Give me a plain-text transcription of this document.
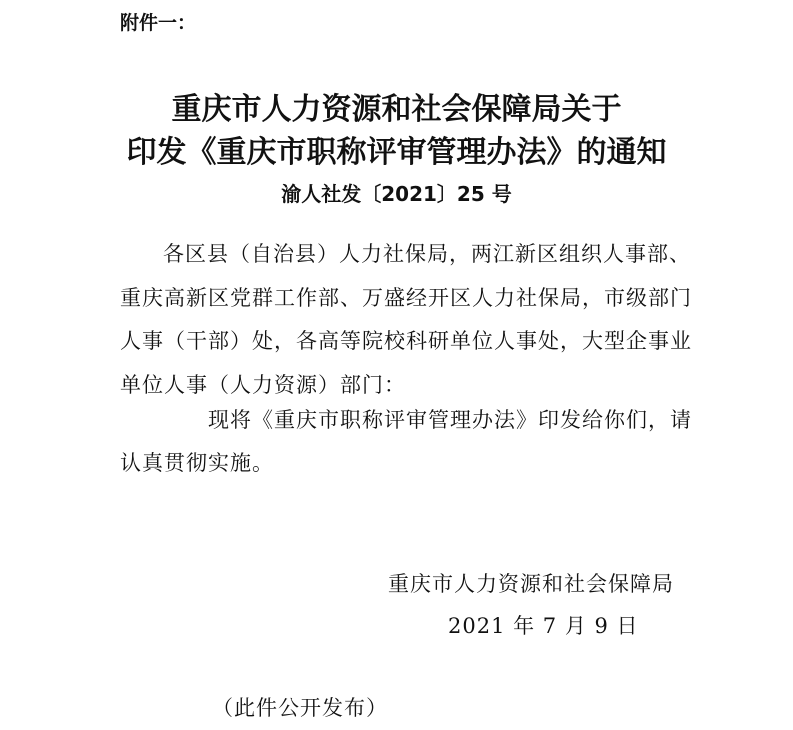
附件一：
重庆市人力资源和社会保障局关于
印发《重庆市职称评审管理办法》的通知
渝人社发〔2021〕25 号

各区县（自治县）人力社保局，两江新区组织人事部、

重庆高新区党群工作部、万盛经开区人力社保局，市级部门

人事（干部）处，各高等院校科研单位人事处，大型企事业

单位人事（人力资源）部门：

现将《重庆市职称评审管理办法》印发给你们，请

认真贯彻实施。

重庆市人力资源和社会保障局
2021 年 7 月 9 日
（此件公开发布）
